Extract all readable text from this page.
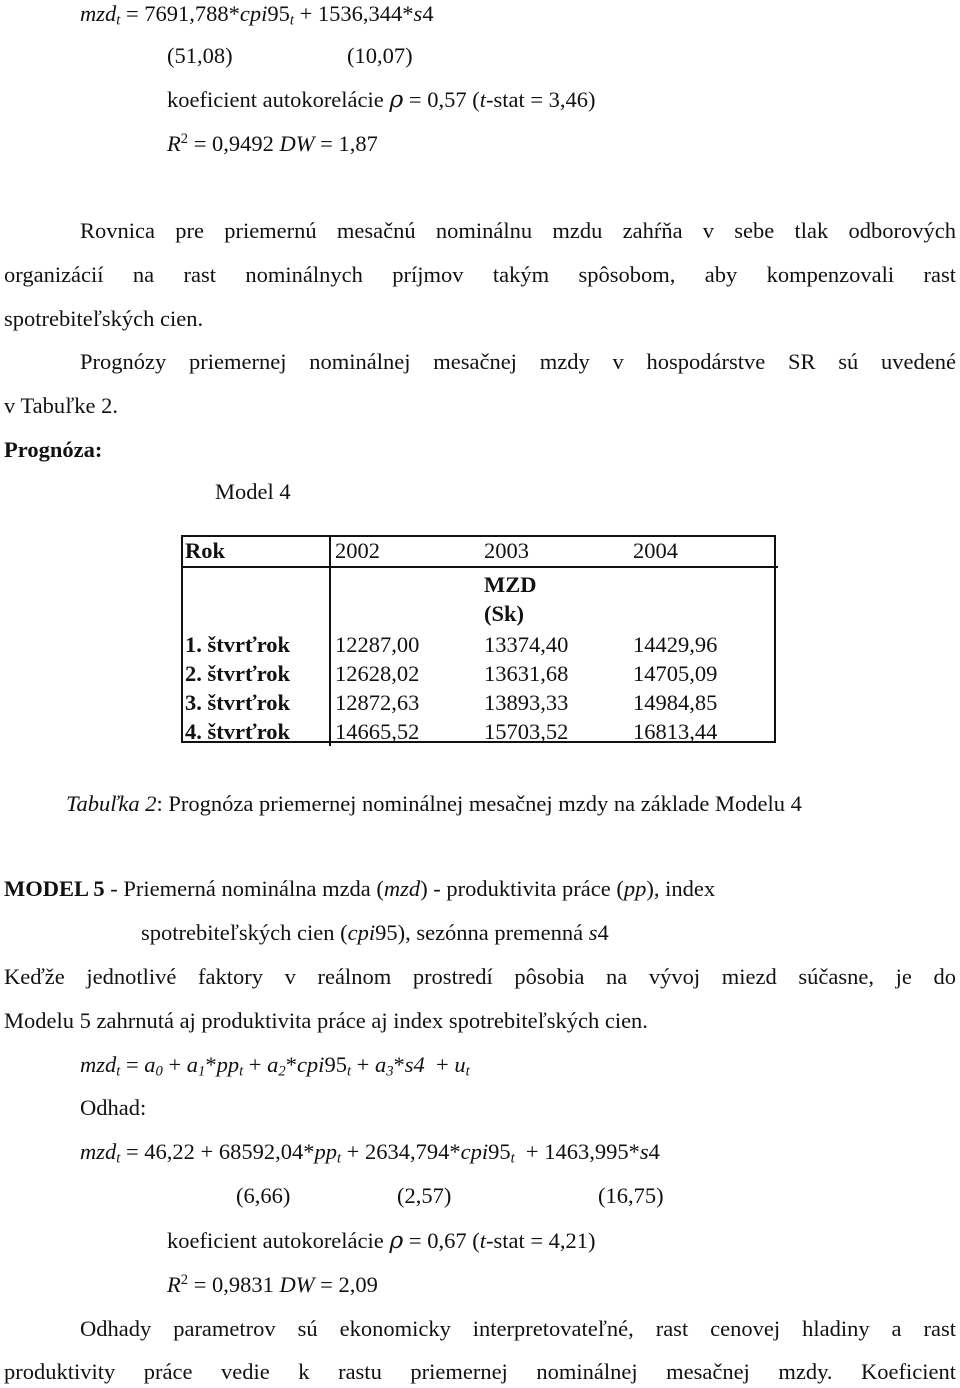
$mzd_t = 7691,788*cpi95_t + 1536,344*s4$
(51,08)	(10,07)
koeficient autokorelácie ρ = 0,57 (t-stat = 3,46)
$R^2 = 0,9492$ DW = 1,87
Rovnica pre priemernú mesačnú nominálnu mzdu zahŕňa v sebe tlak odborových
organizácií na rast nominálnych príjmov takým spôsobom, aby kompenzovali rast
spotrebiteľských cien.
Prognózy priemernej nominálnej mesačnej mzdy v hospodárstve SR sú uvedené
v Tabuľke 2.
Prognóza:
Model 4
Rok	2002	2003	2004
		MZD
(Sk)	
1. štvrťrok	12287,00	13374,40	14429,96
2. štvrťrok	12628,02	13631,68	14705,09
3. štvrťrok	12872,63	13893,33	14984,85
4. štvrťrok	14665,52	15703,52	16813,44
Tabuľka 2: Prognóza priemernej nominálnej mesačnej mzdy na základe Modelu 4
MODEL 5 - Priemerná nominálna mzda (mzd) - produktivita práce (pp), index
spotrebiteľských cien (cpi95), sezónna premenná s4
Keďže jednotlivé faktory v reálnom prostredí pôsobia na vývoj miezd súčasne, je do
Modelu 5 zahrnutá aj produktivita práce aj index spotrebiteľských cien.
$mzd_t = a_0 + a_1*pp_t + a_2*cpi95_t + a_3*s4 + u_t$
Odhad:
$mzd_t = 46,22 + 68592,04*pp_t + 2634,794*cpi95_t + 1463,995*s4$
(6,66)	(2,57)	(16,75)
koeficient autokorelácie ρ = 0,67 (t-stat = 4,21)
$R^2 = 0,9831$ DW = 2,09
Odhady parametrov sú ekonomicky interpretovateľné, rast cenovej hladiny a rast
produktivity práce vedie k rastu priemernej nominálnej mesačnej mzdy. Koeficient
